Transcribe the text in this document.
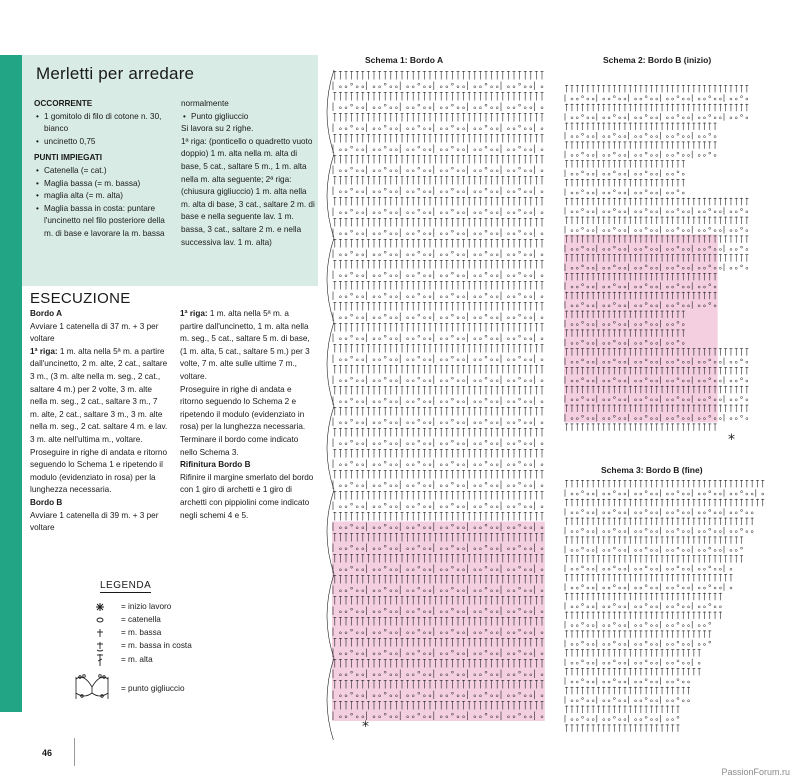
Merletti per arredare

OCCORRENTE

• 1 gomitolo di filo di cotone n. 30, bianco

• uncinetto 0,75

PUNTI IMPIEGATI

• Catenella (= cat.)

• Maglia bassa (= m. bassa)

• maglia alta (= m. alta)

• Maglia bassa in costa: puntare l'uncinetto nel filo posteriore della m. di base e lavorare la m. bassa

normalmente

• Punto gigliuccio

Si lavora su 2 righe.
1ª riga: (ponticello o quadretto vuoto doppio) 1 m. alta nella m. alta di base, 5 cat., saltare 5 m., 1 m. alta nella m. alta seguente; 2ª riga: (chiusura gigliuccio) 1 m. alta nella m. alta di base, 3 cat., saltare 2 m. di base e nella seguente lav. 1 m. bassa, 3 cat., saltare 2 m. e nella successiva lav. 1 m. alta)

ESECUZIONE

Bordo A

Avviare 1 catenella di 37 m. + 3 per voltare

1ª riga: 1 m. alta nella 5ª m. a partire dall'uncinetto, 2 m. alte, 2 cat., saltare 3 m., (3 m. alte nella m. seg., 2 cat., saltare 4 m.) per 2 volte, 3 m. alte nella m. seg., 2 cat., saltare 3 m., 7 m. alte, 2 cat., saltare 3 m., 3 m. alte nella m. seg., 2 cat. saltare 4 m. e lav. 3 m. alte nell'ultima m., voltare.

Proseguire in righe di andata e ritorno seguendo lo Schema 1 e ripetendo il modulo (evidenziato in rosa) per la lunghezza necessaria.

Bordo B

Avviare 1 catenella di 39 m. + 3 per voltare

1ª riga: 1 m. alta nella 5ª m. a partire dall'uncinetto, 1 m. alta nella m. seg., 5 cat., saltare 5 m. di base, (1 m. alta, 5 cat., saltare 5 m.) per 3 volte, 7 m. alte sulle ultime 7 m., voltare.

Proseguire in righe di andata e ritorno seguendo lo Schema 2 e ripetendo il modulo (evidenziato in rosa) per la lunghezza necessaria. Terminare il bordo come indicato nello Schema 3.

Rifinitura Bordo B

Rifinire il margine smerlato del bordo con 1 giro di archetti e 1 giro di archetti con pippiolini come indicato negli schemi 4 e 5.

LEGENDA
= inizio lavoro
= catenella
= m. bassa
= m. bassa in costa
= m. alta
= punto gigliuccio
Schema 1: Bordo A	Schema 2: Bordo B (inizio)
Schema 3: Bordo B (fine)
*
*
46
PassionForum.ru
